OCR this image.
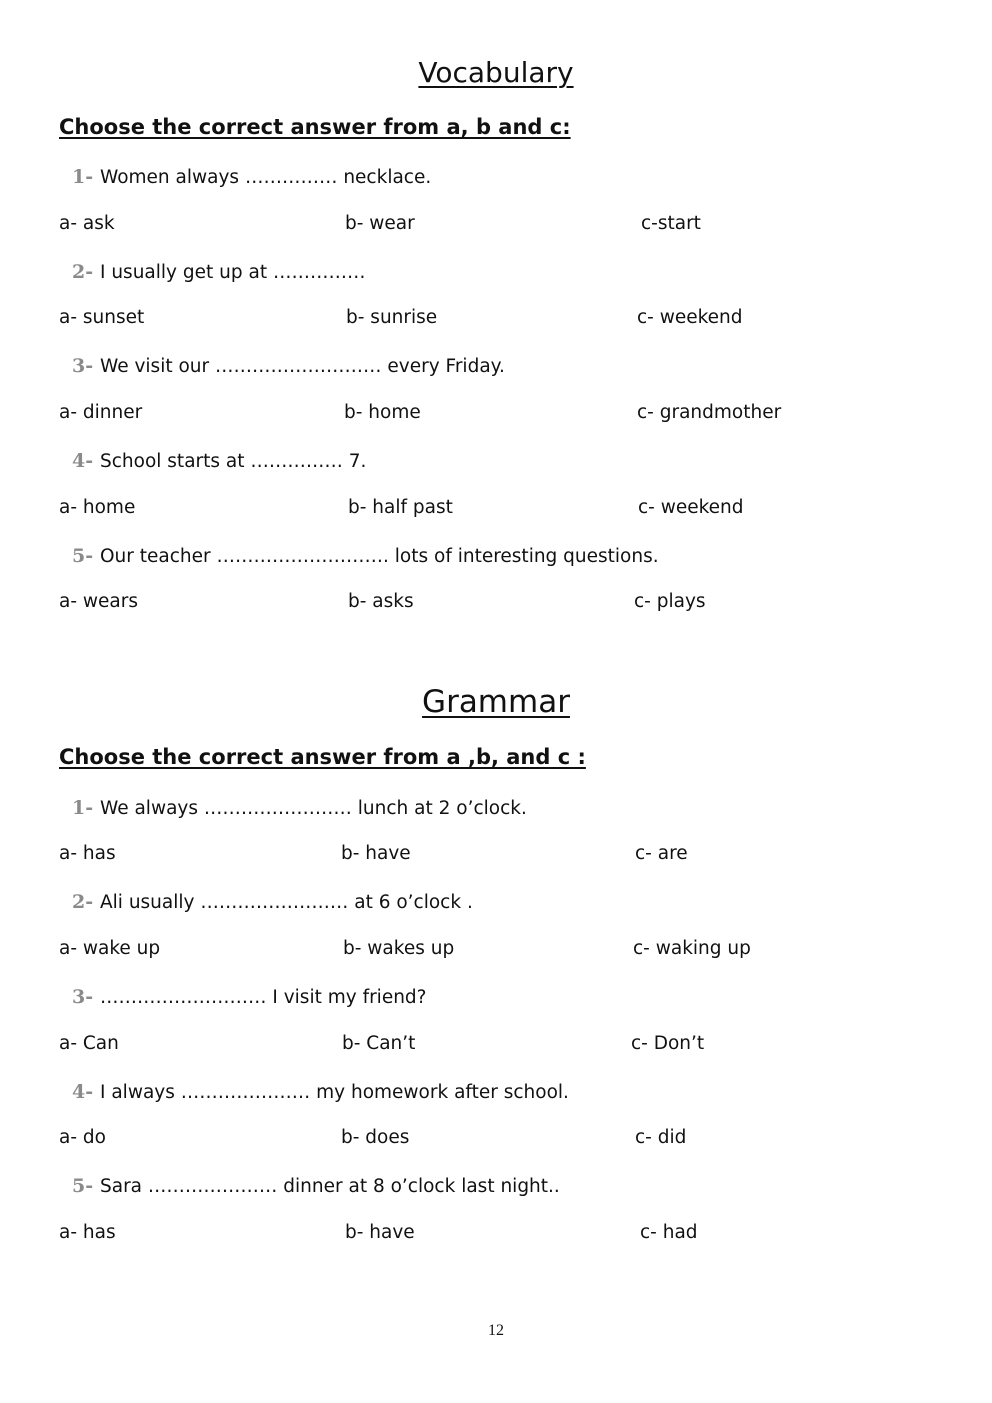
Vocabulary
Choose the correct answer from a, b and c:
1- Women always …………… necklace.
a- ask	b- wear	c-start
2- I usually get up at ……………
a- sunset	b- sunrise	c- weekend
3- We visit our ……………………… every Friday.
a- dinner	b- home	c- grandmother
4- School starts at …………… 7.
a- home	b- half past	c- weekend
5- Our teacher ………………………. lots of interesting questions.
a- wears	b- asks	c- plays
Grammar
Choose the correct answer from a ,b, and c :
1- We always …………………… lunch at 2 o’clock.
a- has	b- have	c- are
2- Ali usually …………………… at 6 o’clock .
a- wake up	b- wakes up	c- waking up
3- ……………………… I visit my friend?
a- Can	b- Can’t	c- Don’t
4- I always ………………… my homework after school.
a- do	b- does	c- did
5- Sara ………………… dinner at 8 o’clock last night..
a- has	b- have	c- had
12
